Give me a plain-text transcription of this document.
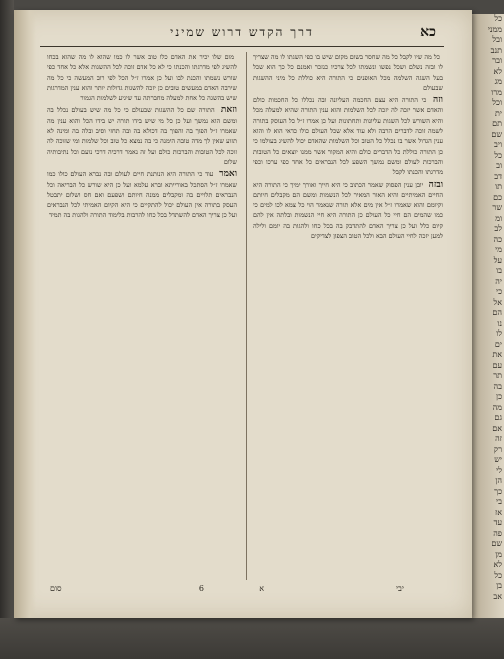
כל
ממני
ובל
תנב
ובר
לא
מג
מרו
וכל
ית
תם
שם
ויב
כל
וב
דב
תו
כם
שר
ומ
לב
כה
מי
על
בו
יה
כי
אל
הם
נו
לו
ים
את
עם
תר
בה
כן
מה
גם
אם
זה
רק
יש
לי
הן
כך
בי
אז
עד
פה
שם
מן
לא
כל
בן
אב
כא
דרך הקדש דרוש שמיני

כל מה שיו לקבל כל מה שחסר בשום מקום שיש בו כפי השגתו לו מה שצריך לו ובזה נשלם ושכל נפשו ונשמתו לכל צרכיו כנזכר ואמנם כל כך הוא שכל בעל השגה השלמה מכל האופנים כי התורה היא כוללת כל מיני ההשגות שבעולם

וזה כי התורה היא עצם החכמה העליונה ובה נכללו כל החכמות כולם והאדם אשר יזכה לה יזכה לכל השלמות והוא ענין התורה שהיא למעלה מכל והיא השורש לכל השגות עליונות ותחתונות ועל כן אמרו ז״ל כל העוסק בתורה לשמה זוכה לדברים הרבה ולא עוד אלא שכל העולם כולו כדאי הוא לו והוא ענין הגדול אשר בו נכלל כל הטוב וכל השלמות שהאדם יכול להשיג בעולמו כי כן התורה כוללת כל הדברים כולם והיא המקור אשר ממנו יוצאים כל הטובות והברכות לעולם ומשם נמשך השפע לכל הנבראים כל אחד כפי ערכו וכפי מדרגתו והכנתו לקבל

ובזה יובן ענין הפסוק שאמר הכתוב כי היא חייך ואורך ימיך כי התורה היא החיים האמיתיים והיא האור המאיר לכל הנשמות ומשם הם מקבלים חיותם וקיומם והוא שאמרו ז״ל אין מים אלא תורה שנאמר הוי כל צמא לכו למים כי כמו שהמים הם חיי כל העולם כן התורה היא חיי הנשמות ובלתה אין להם קיום כלל ועל כן צריך האדם להתדבק בה בכל כחו ולהגות בה יומם ולילה למען יזכה לחיי העולם הבא ולכל הטוב הצפון לצדיקים

מום שלו יכיר את האדם כלו טוב אשר לו כמו שהוא לו מה שהוא בכחו להשיג לפי מדרגתו והכנתו כי לא כל אדם זוכה לכל ההשגות אלא כל אחד כפי שורש נשמתו והכנת לבו ועל כן אמרו ז״ל הכל לפי רוב המעשה כי כל מה שירבה האדם במעשים טובים כן יזכה להשגות גדולות יותר והוא ענין המדרגות שיש בהשגה כל אחת למעלה מחברתה עד שיגיע לשלמות הגמור

וזאת התורה שם כל ההשגות שבעולם כי כל מה שיש בעולם נכלל בה ומשם הוא נמשך ועל כן כל מי שיש בידו תורה יש בידו הכל והוא ענין מה שאמרו ז״ל הפוך בה והפוך בה דכולא בה ובה תחזי וסיב ובלה בה ומינה לא תזוע שאין לך מדה טובה הימנה כי בה נמצא כל טוב וכל שלמות ומי שזוכה לה זוכה לכל הטובות והברכות כולם ועל זה נאמר דרכיה דרכי נועם וכל נתיבותיה שלום

ואמר עוד כי התורה היא הנותנת חיים לעולם ובה נברא העולם כולו כמו שאמרו ז״ל הסתכל באורייתא וברא עלמא ועל כן היא שורש כל הבריאה וכל הנבראים תלויים בה ומקבלים ממנה חיותם ושפעם ואם חס ושלום יתבטל העסק בתורה אין העולם יכול להתקיים כי היא הקיום האמיתי לכל הנבראים ועל כן צריך האדם להשתדל בכל כחו להרבות בלימוד התורה ולהגות בה תמיד

יבי
א
6
סום
